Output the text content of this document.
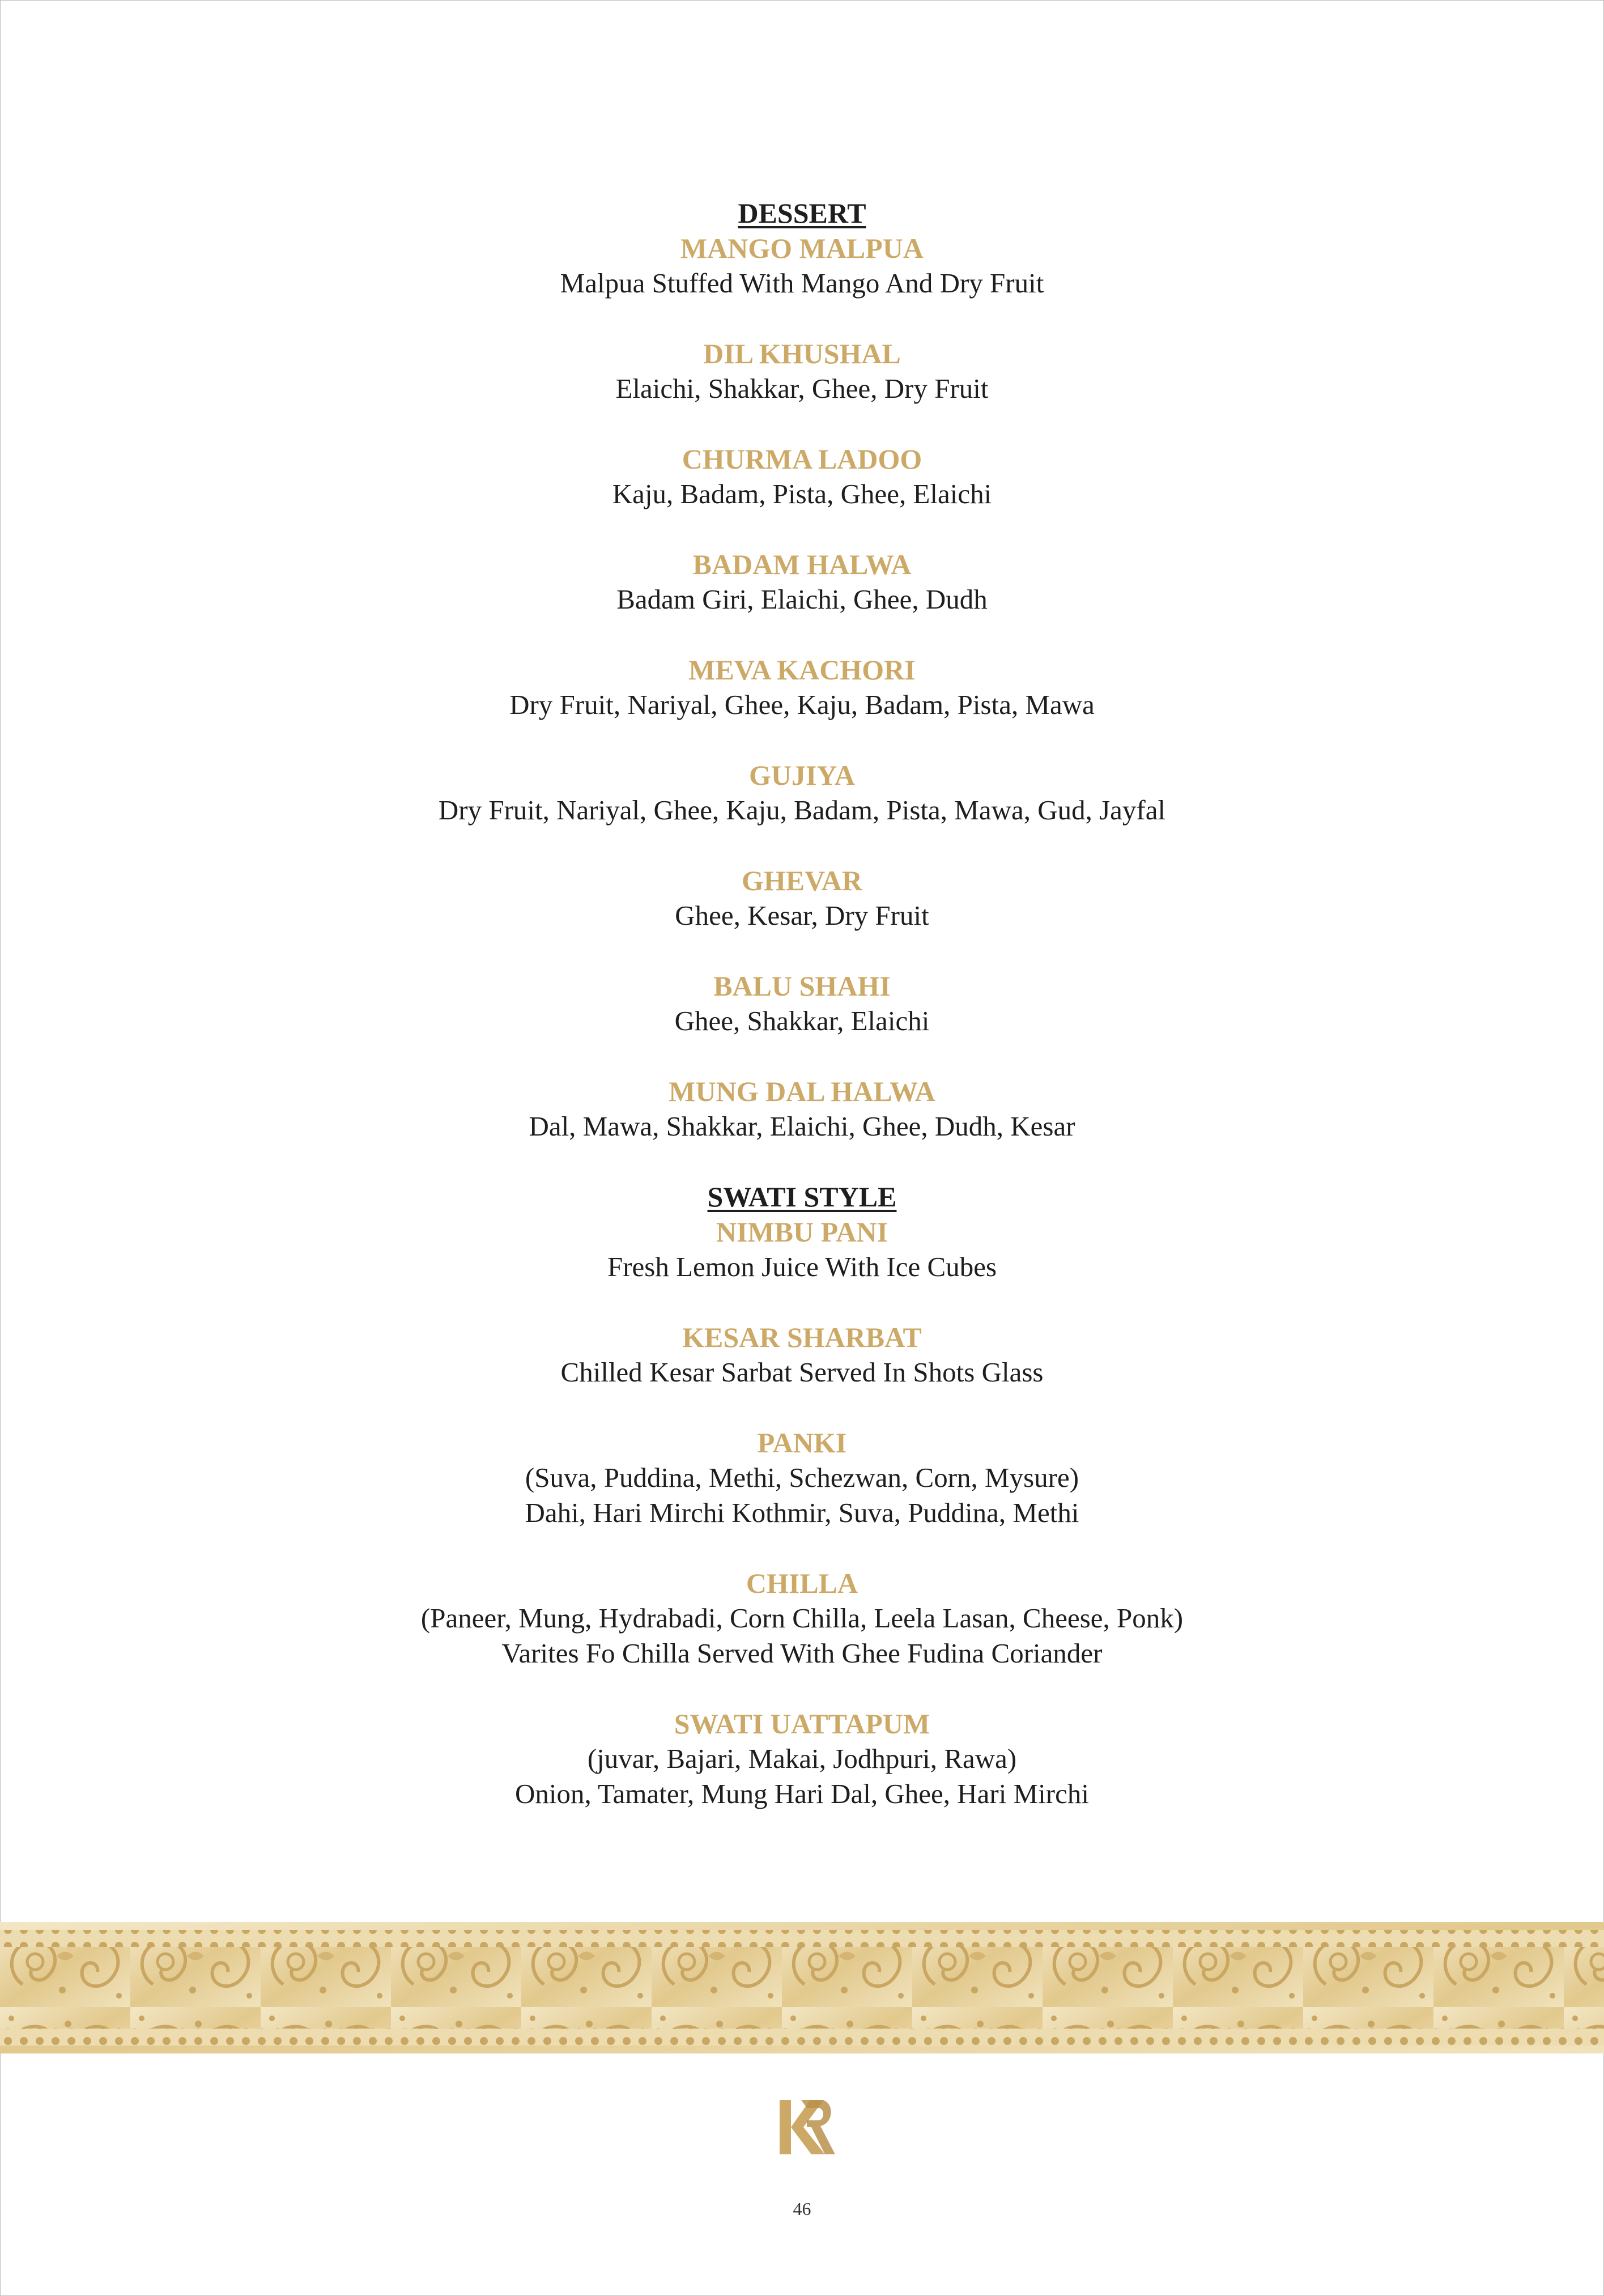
DESSERT
MANGO MALPUA
Malpua Stuffed With Mango And Dry Fruit
DIL KHUSHAL
Elaichi, Shakkar, Ghee, Dry Fruit
CHURMA LADOO
Kaju, Badam, Pista, Ghee, Elaichi
BADAM HALWA
Badam Giri, Elaichi, Ghee, Dudh
MEVA KACHORI
Dry Fruit, Nariyal, Ghee, Kaju, Badam, Pista, Mawa
GUJIYA
Dry Fruit, Nariyal, Ghee, Kaju, Badam, Pista, Mawa, Gud, Jayfal
GHEVAR
Ghee, Kesar, Dry Fruit
BALU SHAHI
Ghee, Shakkar, Elaichi
MUNG DAL HALWA
Dal, Mawa, Shakkar, Elaichi, Ghee, Dudh, Kesar
SWATI STYLE
NIMBU PANI
Fresh Lemon Juice With Ice Cubes
KESAR SHARBAT
Chilled Kesar Sarbat Served In Shots Glass
PANKI
(Suva, Puddina, Methi, Schezwan, Corn, Mysure)
Dahi, Hari Mirchi Kothmir, Suva, Puddina, Methi
CHILLA
(Paneer, Mung, Hydrabadi, Corn Chilla, Leela Lasan, Cheese, Ponk)
Varites Fo Chilla Served With Ghee Fudina Coriander
SWATI UATTAPUM
(juvar, Bajari, Makai, Jodhpuri, Rawa)
Onion, Tamater, Mung Hari Dal, Ghee, Hari Mirchi
46
